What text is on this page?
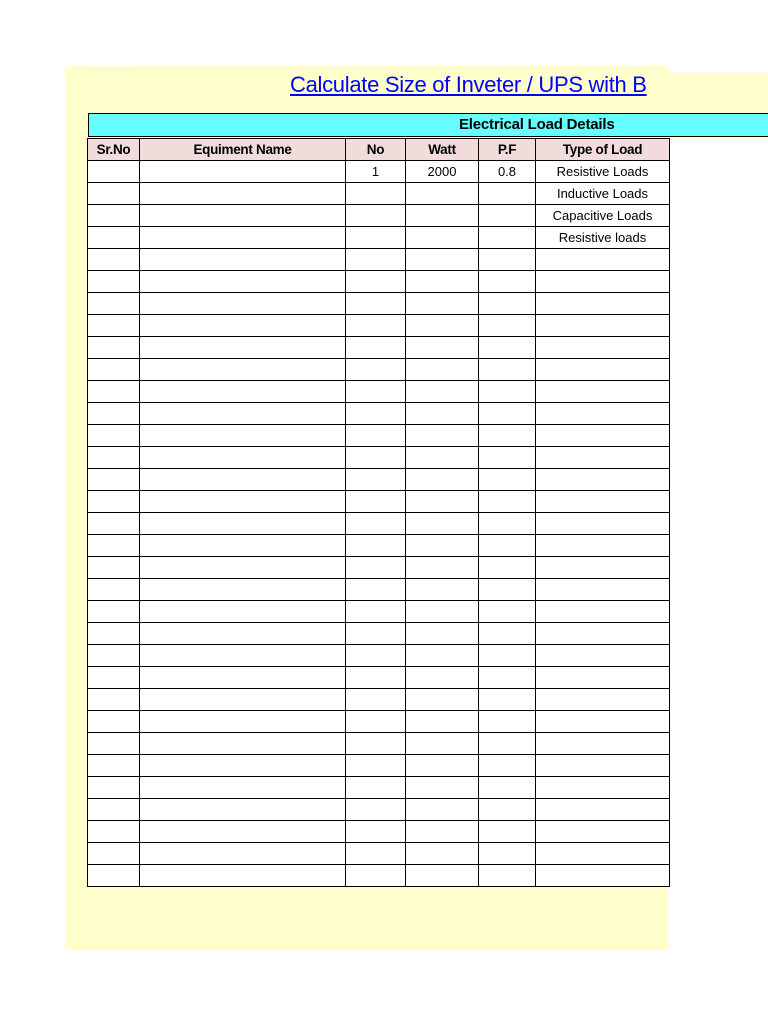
Calculate Size of Inveter / UPS with B
Electrical Load Details
Sr.No	Equiment Name	No	Watt	P.F	Type of Load
		1	2000	0.8	Resistive Loads
					Inductive Loads
					Capacitive Loads
					Resistive loads
